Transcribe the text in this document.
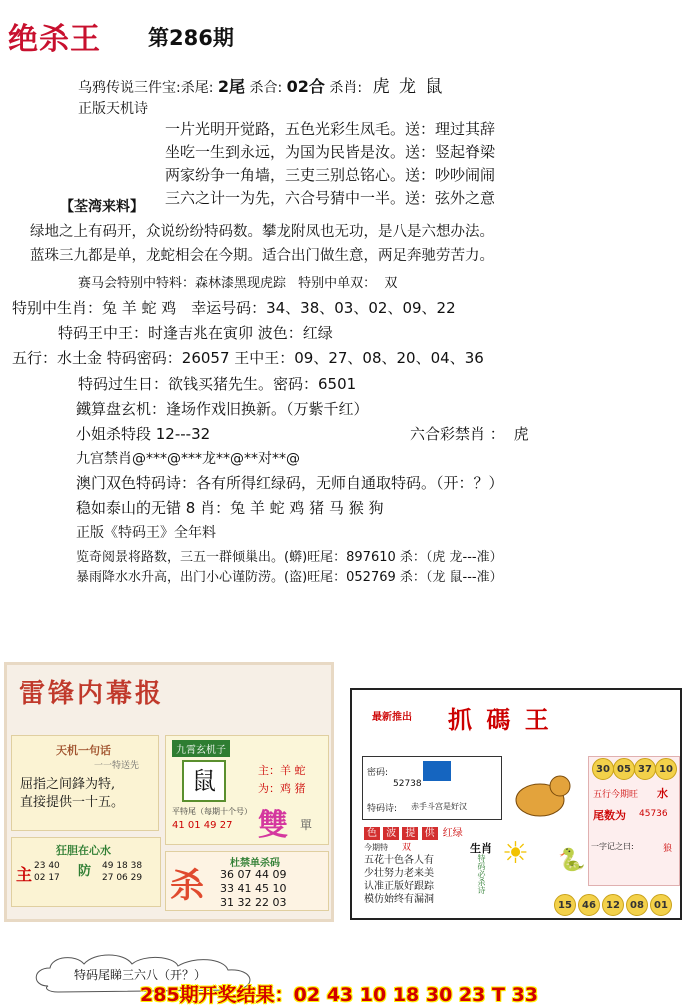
绝杀王 第286期
乌鸦传说三件宝:杀尾: 2尾 杀合: 02合 杀肖: 虎 龙 鼠
正版天机诗
一片光明开觉路，五色光彩生凤毛。送：理过其辞
坐吃一生到永远，为国为民皆是汝。送：竖起脊梁
两家纷争一角墙，三吏三别总铭心。送：吵吵闹闹
三六之计一为先，六合号猜中一半。送：弦外之意
【荃湾来料】
绿地之上有码开，众说纷纷特码数。攀龙附凤也无功，是八是六想办法。
蓝珠三九都是单，龙蛇相会在今期。适合出门做生意，两足奔驰劳苦力。
赛马会特别中特料：森林漆黑现虎踪 特别中单双： 双
特别中生肖：兔 羊 蛇 鸡 幸运号码：34、38、03、02、09、22
特码王中王：时逢吉兆在寅卯 波色：红绿
五行：水土金 特码密码：26057 王中王：09、27、08、20、04、36
特码过生日：欲钱买猪先生。密码：6501
鐵算盘玄机：逢场作戏旧换新。（万紫千红）
小姐杀特段 12---32	六合彩禁肖 ： 虎
九宫禁肖@***@***龙**@**对**@
澳门双色特码诗：各有所得红绿码，无师自通取特码。（开：？）
稳如泰山的无错 8 肖：兔 羊 蛇 鸡 猪 马 猴 狗
正版《特码王》全年料
览奇阅景将路数，三五一群倾巢出。(蟒)旺尾：897610 杀：（虎 龙---准）
暴雨降水水升高，出门小心谨防涝。(盗)旺尾：052769 杀：（龙 鼠---准）
雷锋内幕报
天机一句话
一一特送先
屈指之间鋒为特,
直接提供一十五。
九霄玄机子
鼠	主：羊 蛇
为：鸡 猪
平特尾（每期十个号）
41 01 49 27 雙 單
狂胆在心水
主 23 40
02 17 防 49 18 38
27 06 29 杀
杜禁单杀码
36 07 44 09
33 41 45 10
31 32 22 03
最新推出 抓 碼 王
密码:
52738
特码诗: 赤手斗宫是好汉
五行今期旺 水
尾数为 45736
一字记之曰:	狼
30 05 37 10
色 波 提 供 红绿
今期特 双	生肖
特码必杀诗
五花十色各人有
少壮努力老来美
认准正版好跟踪
模仿始终有漏洞
☀ 🐍
15	46	12	08	01
特码尾睇三六八（开？）
285期开奖结果：02 43 10 18 30 23 T 33
